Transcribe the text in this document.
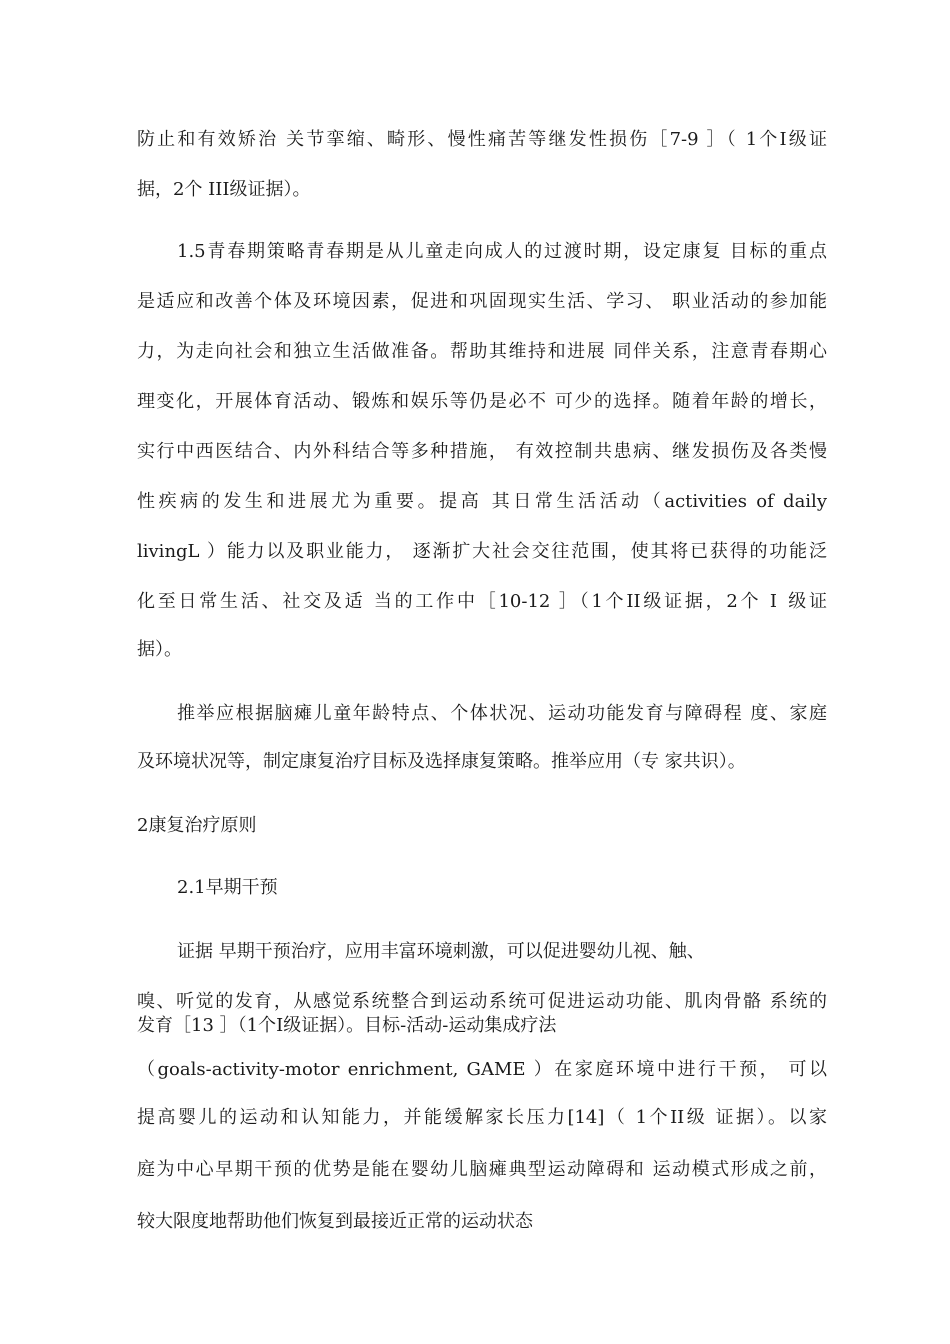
防止和有效矫治 关节挛缩、畸形、慢性痛苦等继发性损伤［7-9 ］（ 1个Ⅰ级证
据，2个 III级证据）。
1.5青春期策略青春期是从儿童走向成人的过渡时期，设定康复 目标的重点
是适应和改善个体及环境因素，促进和巩固现实生活、学习、 职业活动的参加能
力，为走向社会和独立生活做准备。帮助其维持和进展 同伴关系，注意青春期心
理变化，开展体育活动、锻炼和娱乐等仍是必不 可少的选择。随着年龄的增长，
实行中西医结合、内外科结合等多种措施， 有效控制共患病、继发损伤及各类慢
性疾病的发生和进展尤为重要。提高 其日常生活活动（activities of daily
livingL ）能力以及职业能力， 逐渐扩大社会交往范围，使其将已获得的功能泛
化至日常生活、社交及适 当的工作中［10-12 ］（1个II级证据，2个 Ⅰ 级证
据）。
推举应根据脑瘫儿童年龄特点、个体状况、运动功能发育与障碍程 度、家庭
及环境状况等，制定康复治疗目标及选择康复策略。推举应用（专 家共识）。
2康复治疗原则
2.1早期干预
证据 早期干预治疗，应用丰富环境刺激，可以促进婴幼儿视、触、
嗅、听觉的发育，从感觉系统整合到运动系统可促进运动功能、肌肉骨骼 系统的
发育［13 ］（1个Ⅰ级证据）。目标-活动-运动集成疗法
（goals-activity-motor enrichment, GAME ）在家庭环境中进行干预， 可以
提高婴儿的运动和认知能力，并能缓解家长压力[14]（ 1个II级 证据）。以家
庭为中心早期干预的优势是能在婴幼儿脑瘫典型运动障碍和 运动模式形成之前，
较大限度地帮助他们恢复到最接近正常的运动状态
